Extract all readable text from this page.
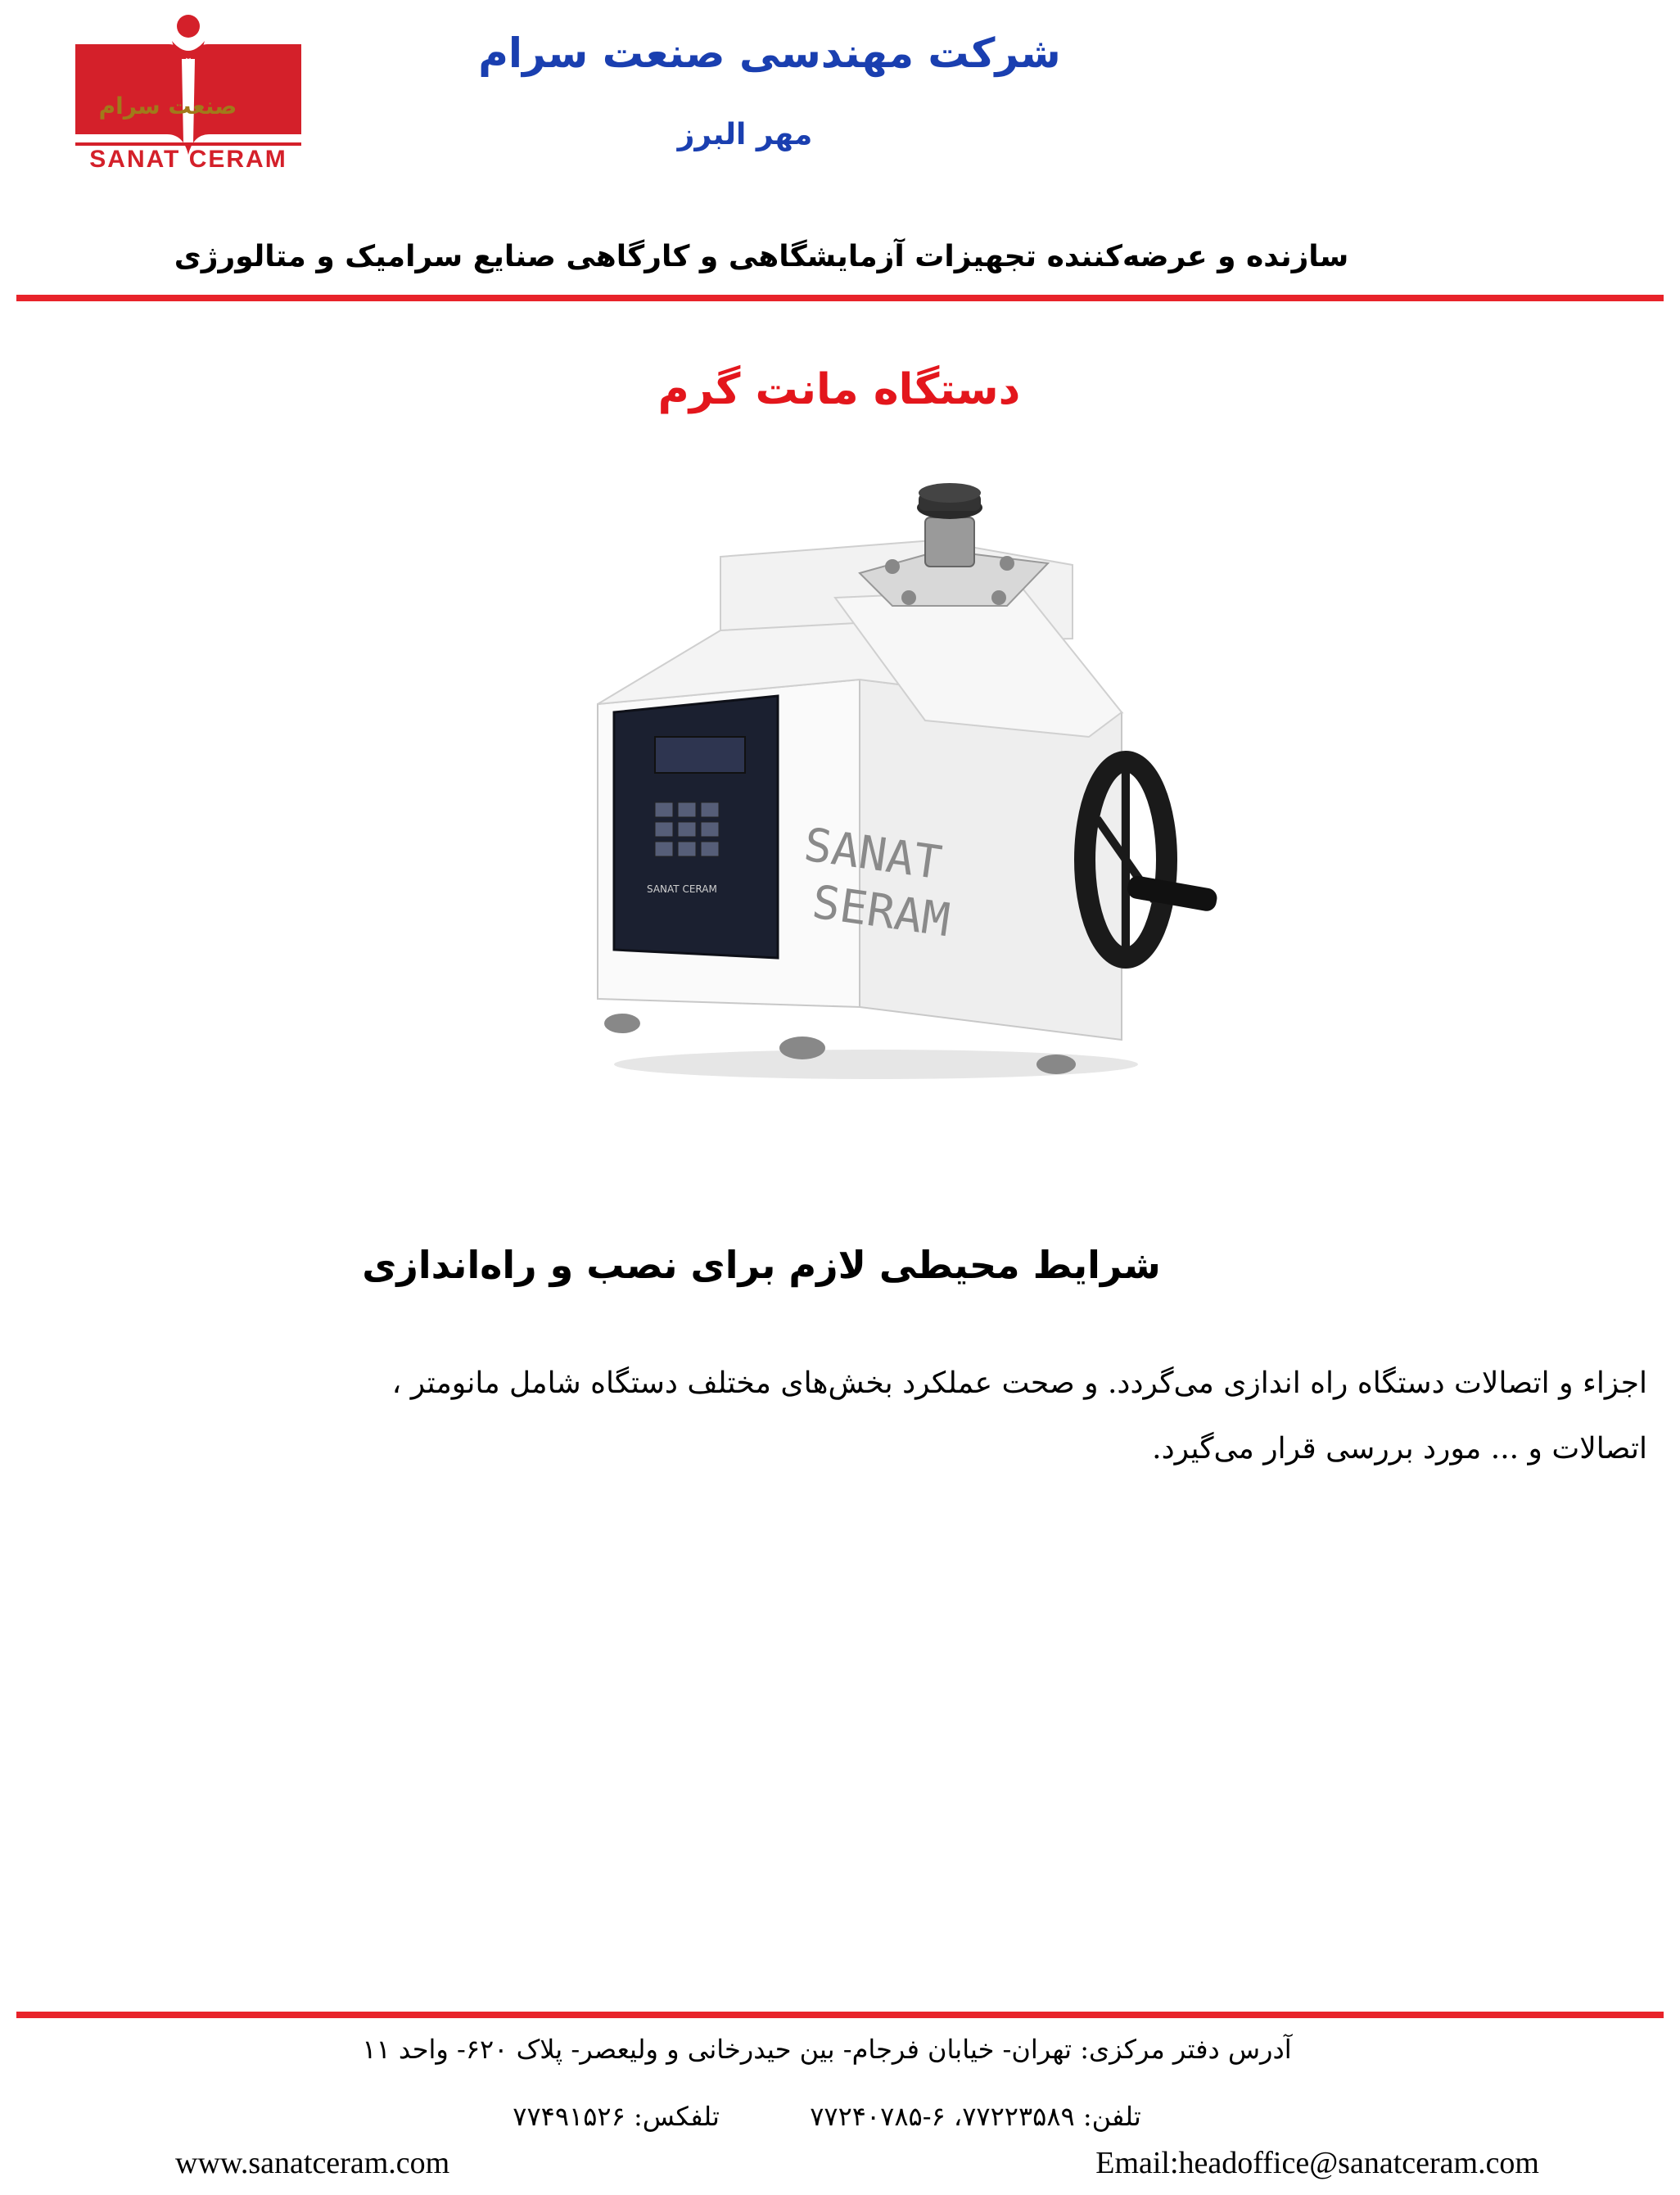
صنعت سرام
SANAT CERAM
شرکت مهندسی صنعت سرام
مهر البرز
سازنده و عرضه‌کننده تجهیزات آزمایشگاهی و کارگاهی صنایع سرامیک و متالورژی
دستگاه مانت گرم
SANAT CERAM SANAT
SERAM
شرایط محیطی لازم برای نصب و راه‌اندازی

اجزاء و اتصالات دستگاه راه اندازی می‌گردد. و صحت عملکرد بخش‌های مختلف دستگاه شامل مانومتر ،

اتصالات و ... مورد بررسی قرار می‌گیرد.

آدرس دفتر مرکزی: تهران- خیابان فرجام- بین حیدرخانی و ولیعصر- پلاک ۶۲۰- واحد ۱۱
تلفن: ۷۷۲۲۳۵۸۹، ۶-۷۷۲۴۰۷۸۵  تلفکس: ۷۷۴۹۱۵۲۶
www.sanatceram.com	Email:headoffice@sanatceram.com
